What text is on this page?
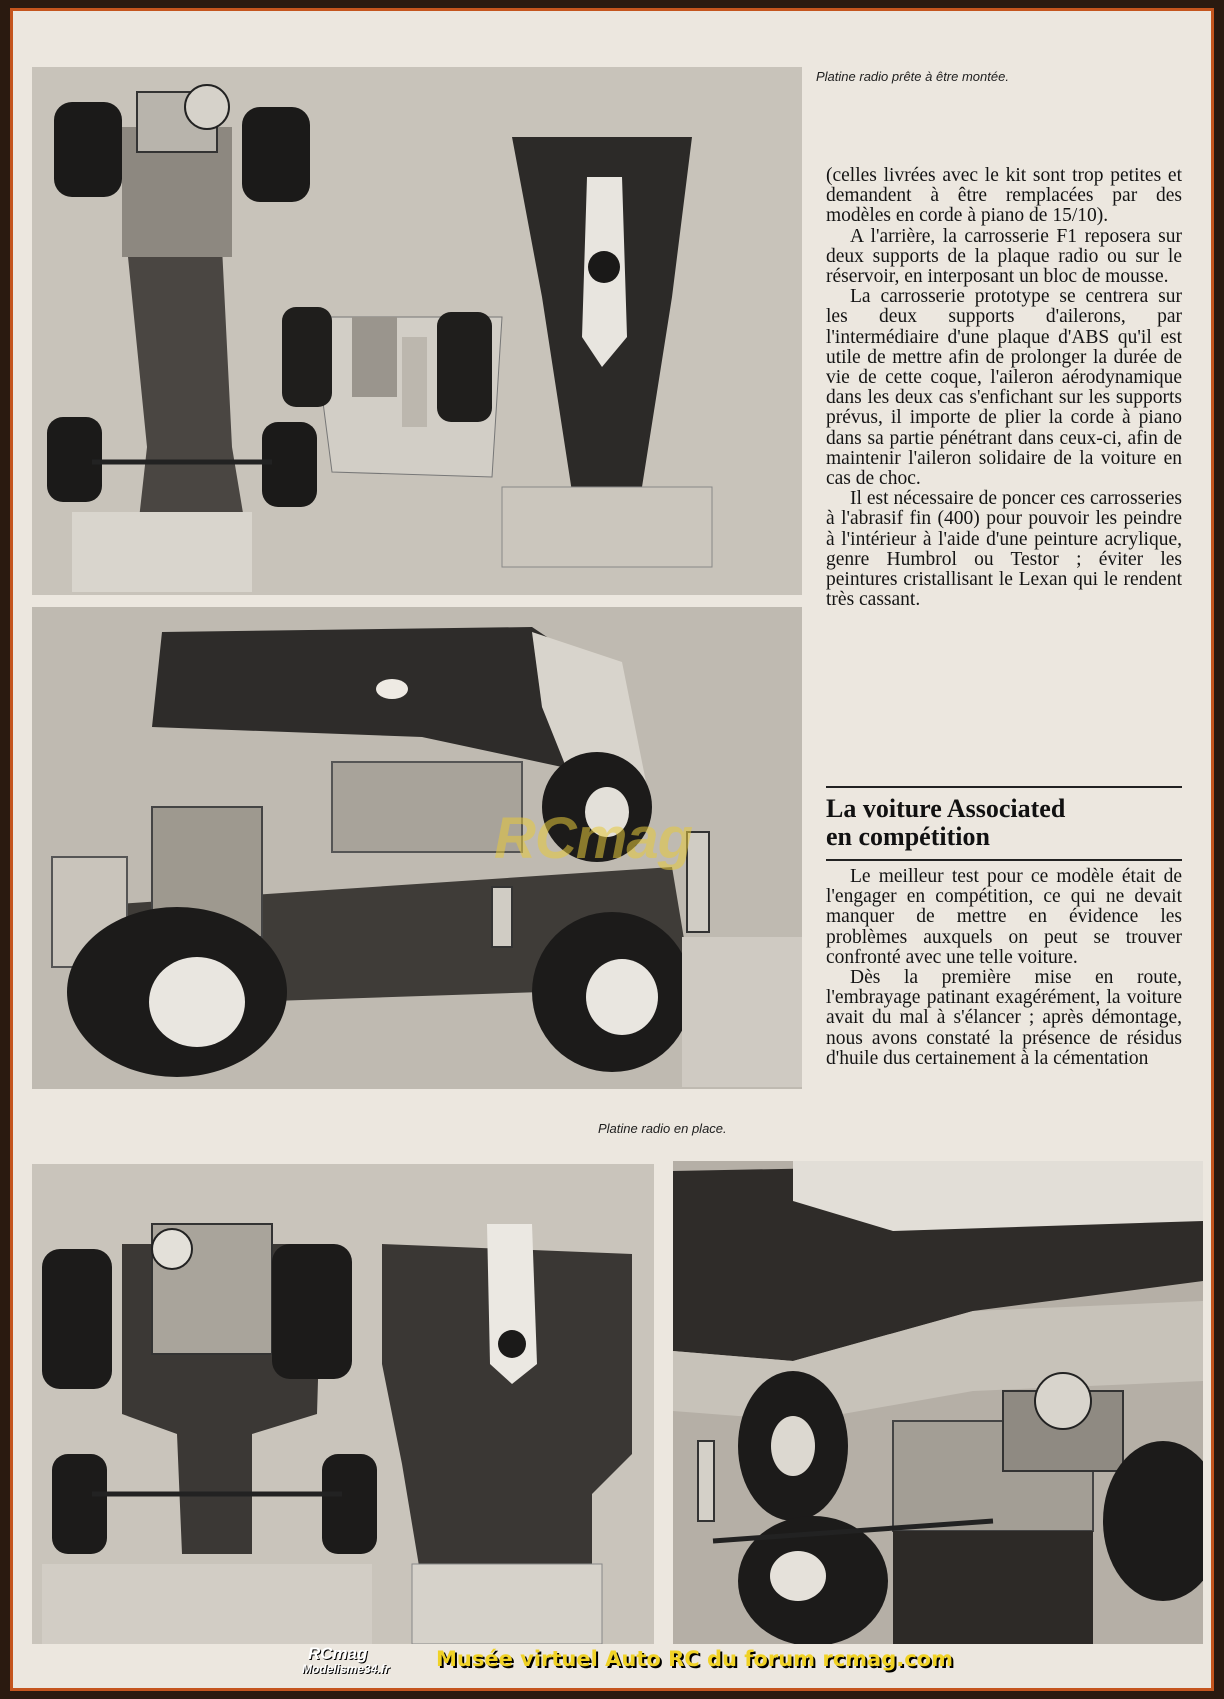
Platine radio prête à être montée.
RCmag
Platine radio en place.

(celles livrées avec le kit sont trop petites et demandent à être remplacées par des modèles en corde à piano de 15/10).

A l'arrière, la carrosserie F1 reposera sur deux supports de la plaque radio ou sur le réservoir, en interposant un bloc de mousse.

La carrosserie prototype se centrera sur les deux supports d'ailerons, par l'intermédiaire d'une plaque d'ABS qu'il est utile de mettre afin de prolonger la durée de vie de cette coque, l'aileron aérodynamique dans les deux cas s'enfichant sur les supports prévus, il importe de plier la corde à piano dans sa partie pénétrant dans ceux-ci, afin de maintenir l'aileron solidaire de la voiture en cas de choc.

Il est nécessaire de poncer ces carrosseries à l'abrasif fin (400) pour pouvoir les peindre à l'intérieur à l'aide d'une peinture acrylique, genre Humbrol ou Testor ; éviter les peintures cristallisant le Lexan qui le rendent très cassant.

La voiture Associated
en compétition

Le meilleur test pour ce modèle était de l'engager en compétition, ce qui ne devait manquer de mettre en évidence les problèmes auxquels on peut se trouver confronté avec une telle voiture.

Dès la première mise en route, l'embrayage patinant exagérément, la voiture avait du mal à s'élancer ; après démontage, nous avons constaté la présence de résidus d'huile dus certainement à la cémentation

RCmag
Modelisme34.fr Musée virtuel Auto RC du forum rcmag.com
